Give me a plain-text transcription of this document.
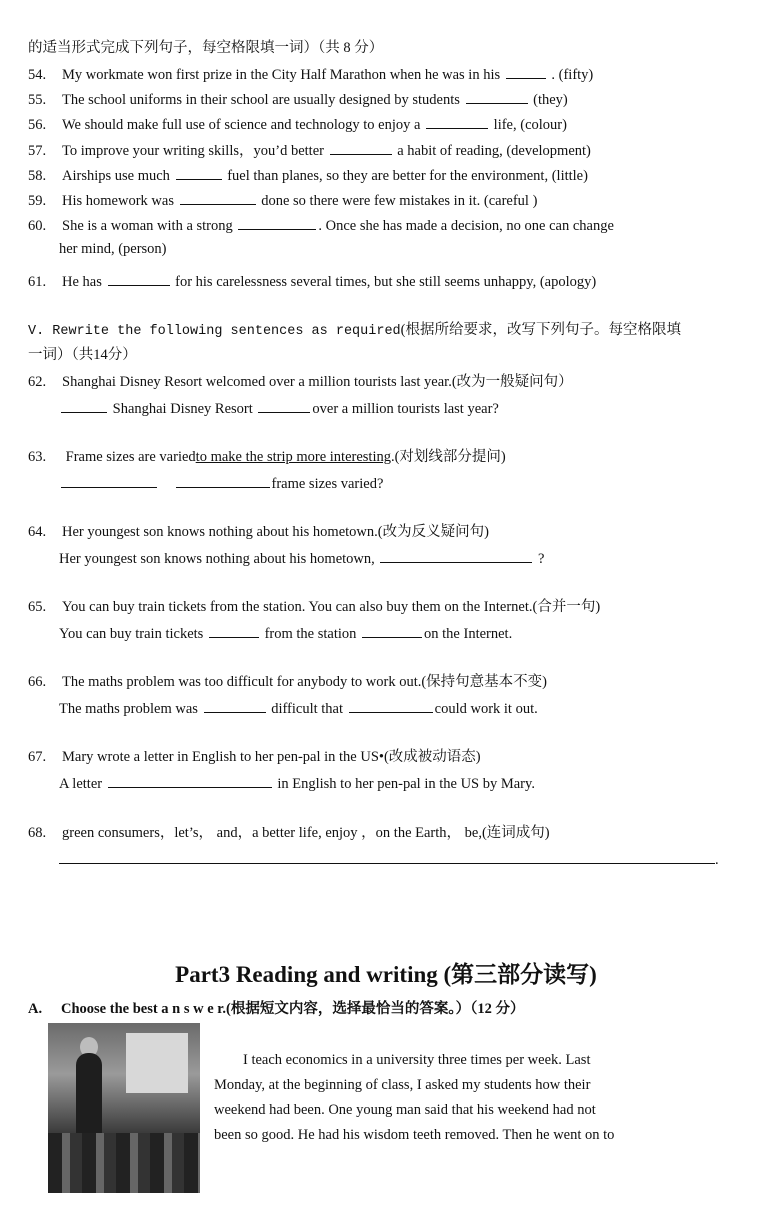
的适当形式完成下列句子，每空格限填一词）（共 8 分）
54. My workmate won first prize in the City Half Marathon when he was in his	. (fifty)
55. The school uniforms in their school are usually designed by students	(they)
56. We should make full use of science and technology to enjoy a	life, (colour)
57. To improve your writing skills，you’d better	a habit of reading, (development)
58. Airships use much	fuel than planes, so they are better for the environment, (little)
59. His homework was	done so there were few mistakes in it. (careful )
60. She is a woman with a strong	. Once she has made a decision, no one can change
her mind, (person)
61. He has	for his carelessness several times, but she still seems unhappy, (apology)
V. Rewrite the following sentences as required(根据所给要求，改写下列句子。每空格限填
一词）（共14分）
62. Shanghai Disney Resort welcomed over a million tourists last year.(改为一般疑问句）
Shanghai Disney Resort	over a million tourists last year?
63. Frame sizes are variedto make the strip more interesting.(对划线部分提问)
frame sizes varied?
64. Her youngest son knows nothing about his hometown.(改为反义疑问句)
Her youngest son knows nothing about his hometown,	?
65. You can buy train tickets from the station. You can also buy them on the Internet.(合并一句)
You can buy train tickets	from the station	on the Internet.
66. The maths problem was too difficult for anybody to work out.(保持句意基本不变)
The maths problem was	difficult that	could work it out.
67. Mary wrote a letter in English to her pen-pal in the US•(改成被动语态)
A letter	in English to her pen-pal in the US by Mary.
68. green consumers，let’s， and，a better life, enjoy ，on the Earth， be,(连词成句)
.
Part3 Reading and writing (第三部分读写)
A. Choose the best a n s w e r.(根据短文内容，选择最恰当的答案。）（12 分）
I teach economics in a university three times per week. Last
Monday, at the beginning of class, I asked my students how their
weekend had been. One young man said that his weekend had not
been so good. He had his wisdom teeth removed. Then he went on to
